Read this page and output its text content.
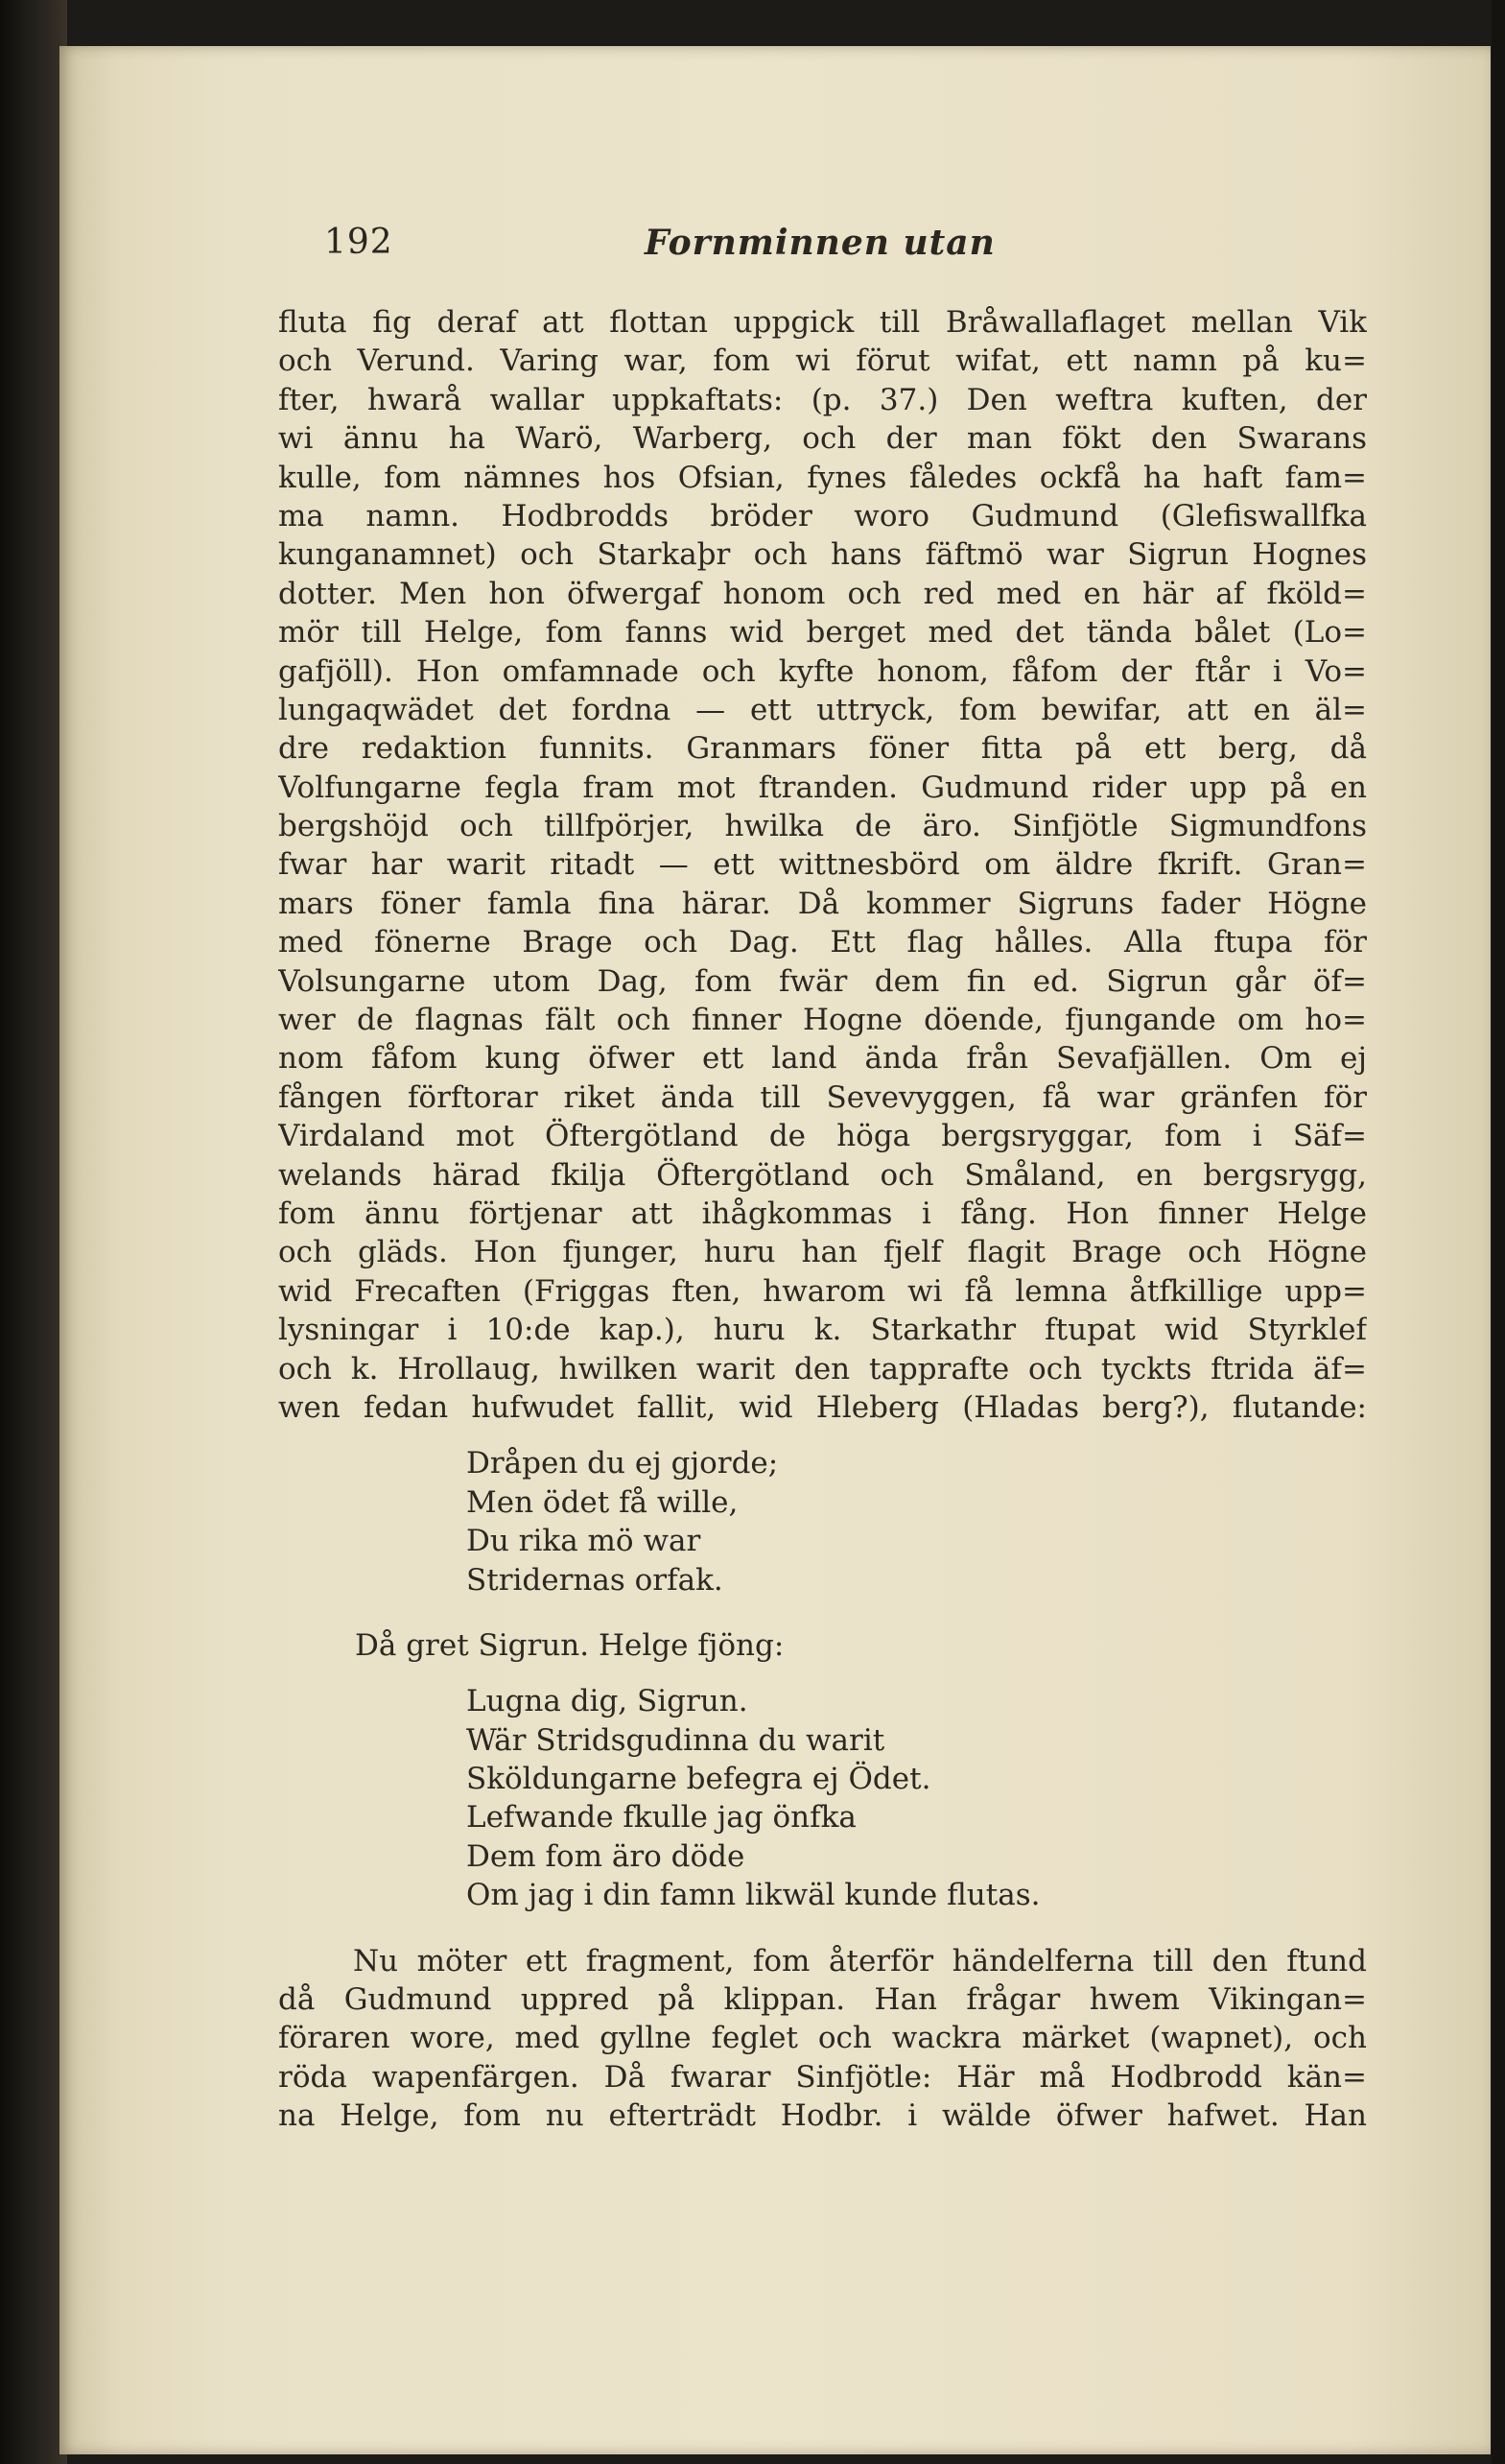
192	Fornminnen utan
fluta fig deraf att flottan uppgick till Bråwallaflaget mellan Vik
och Verund. Varing war, fom wi förut wifat, ett namn på ku=
fter, hwarå wallar uppkaftats: (p. 37.) Den weftra kuften, der
wi ännu ha Warö, Warberg, och der man fökt den Swarans
kulle, fom nämnes hos Ofsian, fynes fåledes ockfå ha haft fam=
ma namn. Hodbrodds bröder woro Gudmund (Glefiswallfka
kunganamnet) och Starkaþr och hans fäftmö war Sigrun Hognes
dotter. Men hon öfwergaf honom och red med en här af fköld=
mör till Helge, fom fanns wid berget med det tända bålet (Lo=
gafjöll). Hon omfamnade och kyfte honom, fåfom der ftår i Vo=
lungaqwädet det fordna — ett uttryck, fom bewifar, att en äl=
dre redaktion funnits. Granmars föner fitta på ett berg, då
Volfungarne fegla fram mot ftranden. Gudmund rider upp på en
bergshöjd och tillfpörjer, hwilka de äro. Sinfjötle Sigmundfons
fwar har warit ritadt — ett wittnesbörd om äldre fkrift. Gran=
mars föner famla fina härar. Då kommer Sigruns fader Högne
med fönerne Brage och Dag. Ett flag hålles. Alla ftupa för
Volsungarne utom Dag, fom fwär dem fin ed. Sigrun går öf=
wer de flagnas fält och finner Hogne döende, fjungande om ho=
nom fåfom kung öfwer ett land ända från Sevafjällen. Om ej
fången förftorar riket ända till Sevevyggen, få war gränfen för
Virdaland mot Öftergötland de höga bergsryggar, fom i Säf=
welands härad fkilja Öftergötland och Småland, en bergsrygg,
fom ännu förtjenar att ihågkommas i fång. Hon finner Helge
och gläds. Hon fjunger, huru han fjelf flagit Brage och Högne
wid Frecaften (Friggas ften, hwarom wi få lemna åtfkillige upp=
lysningar i 10:de kap.), huru k. Starkathr ftupat wid Styrklef
och k. Hrollaug, hwilken warit den tapprafte och tyckts ftrida äf=
wen fedan hufwudet fallit, wid Hleberg (Hladas berg?), flutande:
Dråpen du ej gjorde;
Men ödet få wille,
Du rika mö war
Stridernas orfak.
Då gret Sigrun. Helge fjöng:
Lugna dig, Sigrun.
Wär Stridsgudinna du warit
Sköldungarne befegra ej Ödet.
Lefwande fkulle jag önfka
Dem fom äro döde
Om jag i din famn likwäl kunde flutas.
Nu möter ett fragment, fom återför händelferna till den ftund
då Gudmund uppred på klippan. Han frågar hwem Vikingan=
föraren wore, med gyllne feglet och wackra märket (wapnet), och
röda wapenfärgen. Då fwarar Sinfjötle: Här må Hodbrodd kän=
na Helge, fom nu efterträdt Hodbr. i wälde öfwer hafwet. Han
